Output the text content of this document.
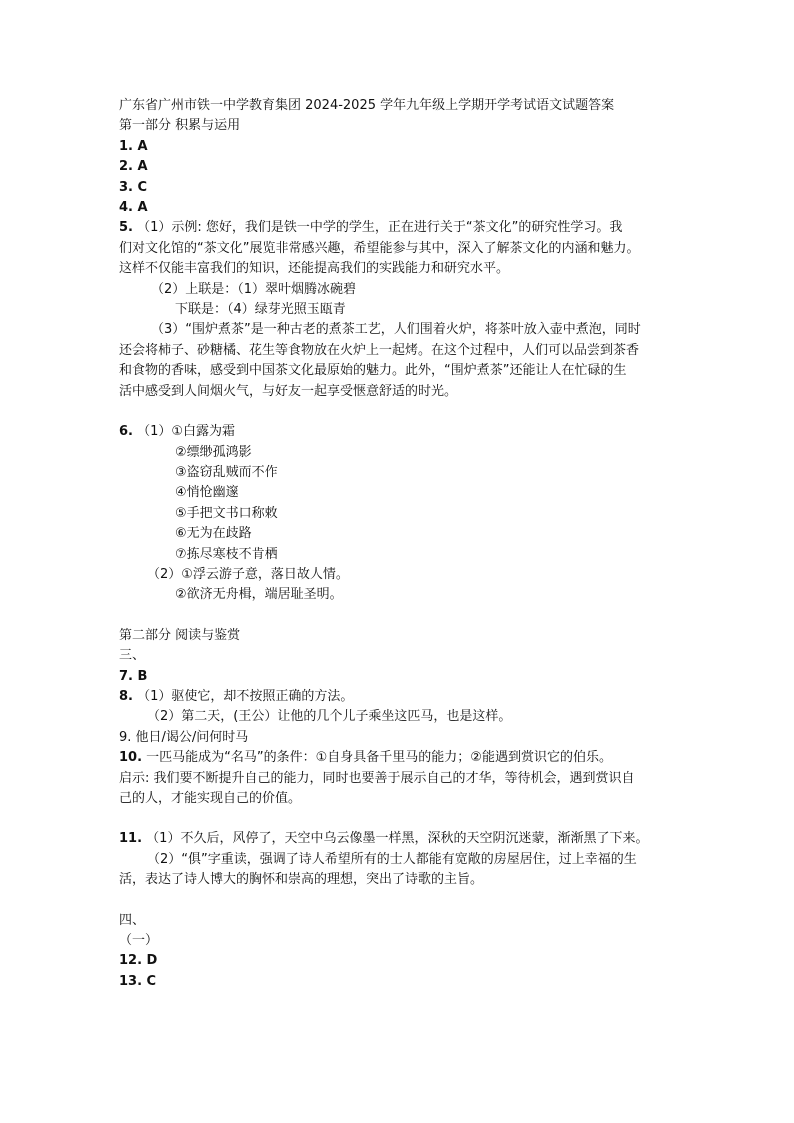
广东省广州市铁一中学教育集团 2024-2025 学年九年级上学期开学考试语文试题答案
第一部分 积累与运用
1. A
2. A
3. C
4. A
5. （1）示例: 您好，我们是铁一中学的学生，正在进行关于“茶文化”的研究性学习。我
们对文化馆的“茶文化”展览非常感兴趣，希望能参与其中，深入了解茶文化的内涵和魅力。
这样不仅能丰富我们的知识，还能提高我们的实践能力和研究水平。
（2）上联是：（1）翠叶烟腾冰碗碧
下联是：（4）绿芽光照玉瓯青
（3）“围炉煮茶”是一种古老的煮茶工艺，人们围着火炉，将茶叶放入壶中煮泡，同时
还会将柿子、砂糖橘、花生等食物放在火炉上一起烤。在这个过程中，人们可以品尝到茶香
和食物的香味，感受到中国茶文化最原始的魅力。此外，“围炉煮茶”还能让人在忙碌的生
活中感受到人间烟火气，与好友一起享受惬意舒适的时光。
6. （1）①白露为霜
②缥缈孤鸿影
③盗窃乱贼而不作
④悄怆幽邃
⑤手把文书口称敕
⑥无为在歧路
⑦拣尽寒枝不肯栖
（2）①浮云游子意，落日故人情。
②欲济无舟楫，端居耻圣明。
第二部分 阅读与鉴赏
三、
7. B
8. （1）驱使它，却不按照正确的方法。
（2）第二天，(王公）让他的几个儿子乘坐这匹马，也是这样。
9. 他日/谒公/问何时马
10. 一匹马能成为“名马”的条件：①自身具备千里马的能力；②能遇到赏识它的伯乐。
启示: 我们要不断提升自己的能力，同时也要善于展示自己的才华，等待机会，遇到赏识自
己的人，才能实现自己的价值。
11. （1）不久后，风停了，天空中乌云像墨一样黑，深秋的天空阴沉迷蒙，渐渐黑了下来。
（2）“俱”字重读，强调了诗人希望所有的士人都能有宽敞的房屋居住，过上幸福的生
活，表达了诗人博大的胸怀和崇高的理想，突出了诗歌的主旨。
四、
（一）
12. D
13. C
